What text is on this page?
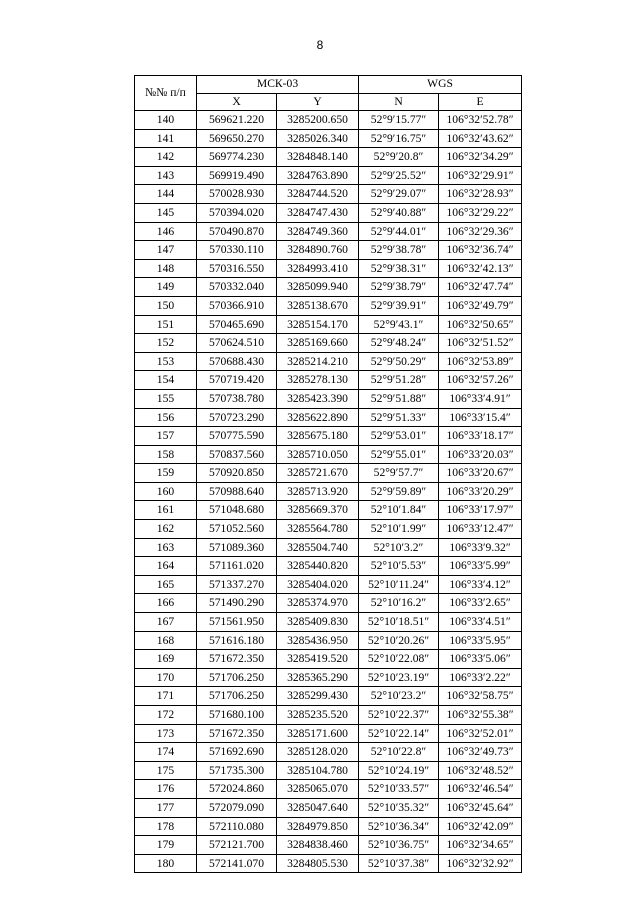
8
№№ п/п	МСК-03		WGS	
	X	Y	N	E
140	569621.220	3285200.650	52°9′15.77″	106°32′52.78″
141	569650.270	3285026.340	52°9′16.75″	106°32′43.62″
142	569774.230	3284848.140	52°9′20.8″	106°32′34.29″
143	569919.490	3284763.890	52°9′25.52″	106°32′29.91″
144	570028.930	3284744.520	52°9′29.07″	106°32′28.93″
145	570394.020	3284747.430	52°9′40.88″	106°32′29.22″
146	570490.870	3284749.360	52°9′44.01″	106°32′29.36″
147	570330.110	3284890.760	52°9′38.78″	106°32′36.74″
148	570316.550	3284993.410	52°9′38.31″	106°32′42.13″
149	570332.040	3285099.940	52°9′38.79″	106°32′47.74″
150	570366.910	3285138.670	52°9′39.91″	106°32′49.79″
151	570465.690	3285154.170	52°9′43.1″	106°32′50.65″
152	570624.510	3285169.660	52°9′48.24″	106°32′51.52″
153	570688.430	3285214.210	52°9′50.29″	106°32′53.89″
154	570719.420	3285278.130	52°9′51.28″	106°32′57.26″
155	570738.780	3285423.390	52°9′51.88″	106°33′4.91″
156	570723.290	3285622.890	52°9′51.33″	106°33′15.4″
157	570775.590	3285675.180	52°9′53.01″	106°33′18.17″
158	570837.560	3285710.050	52°9′55.01″	106°33′20.03″
159	570920.850	3285721.670	52°9′57.7″	106°33′20.67″
160	570988.640	3285713.920	52°9′59.89″	106°33′20.29″
161	571048.680	3285669.370	52°10′1.84″	106°33′17.97″
162	571052.560	3285564.780	52°10′1.99″	106°33′12.47″
163	571089.360	3285504.740	52°10′3.2″	106°33′9.32″
164	571161.020	3285440.820	52°10′5.53″	106°33′5.99″
165	571337.270	3285404.020	52°10′11.24″	106°33′4.12″
166	571490.290	3285374.970	52°10′16.2″	106°33′2.65″
167	571561.950	3285409.830	52°10′18.51″	106°33′4.51″
168	571616.180	3285436.950	52°10′20.26″	106°33′5.95″
169	571672.350	3285419.520	52°10′22.08″	106°33′5.06″
170	571706.250	3285365.290	52°10′23.19″	106°33′2.22″
171	571706.250	3285299.430	52°10′23.2″	106°32′58.75″
172	571680.100	3285235.520	52°10′22.37″	106°32′55.38″
173	571672.350	3285171.600	52°10′22.14″	106°32′52.01″
174	571692.690	3285128.020	52°10′22.8″	106°32′49.73″
175	571735.300	3285104.780	52°10′24.19″	106°32′48.52″
176	572024.860	3285065.070	52°10′33.57″	106°32′46.54″
177	572079.090	3285047.640	52°10′35.32″	106°32′45.64″
178	572110.080	3284979.850	52°10′36.34″	106°32′42.09″
179	572121.700	3284838.460	52°10′36.75″	106°32′34.65″
180	572141.070	3284805.530	52°10′37.38″	106°32′32.92″
